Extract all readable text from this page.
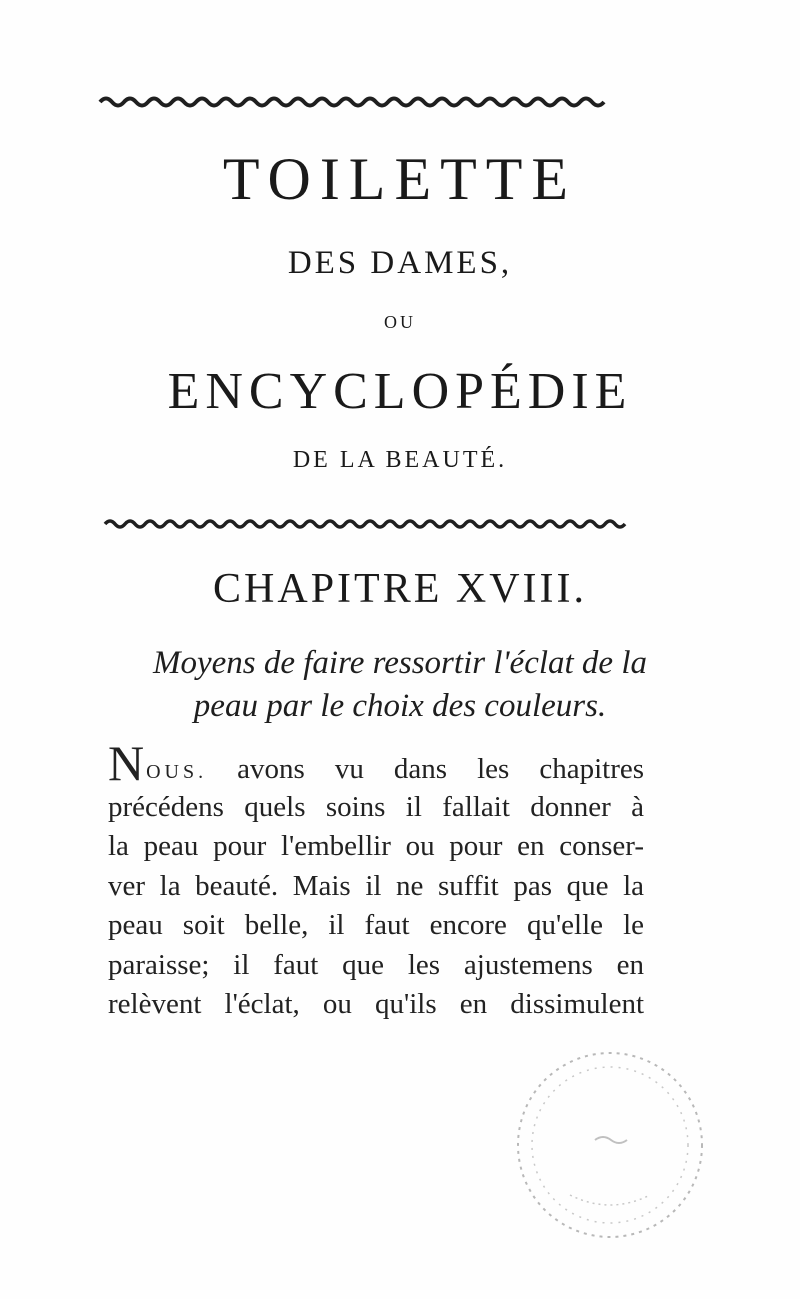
TOILETTE
DES DAMES,
OU
ENCYCLOPÉDIE
DE LA BEAUTÉ.
CHAPITRE XVIII.
Moyens de faire ressortir l'éclat de la
peau par le choix des couleurs.
NOUS. avons vu dans les chapitres
précédens quels soins il fallait donner à
la peau pour l'embellir ou pour en conser-
ver la beauté. Mais il ne suffit pas que la
peau soit belle, il faut encore qu'elle le
paraisse; il faut que les ajustemens en
relèvent l'éclat, ou qu'ils en dissimulent
